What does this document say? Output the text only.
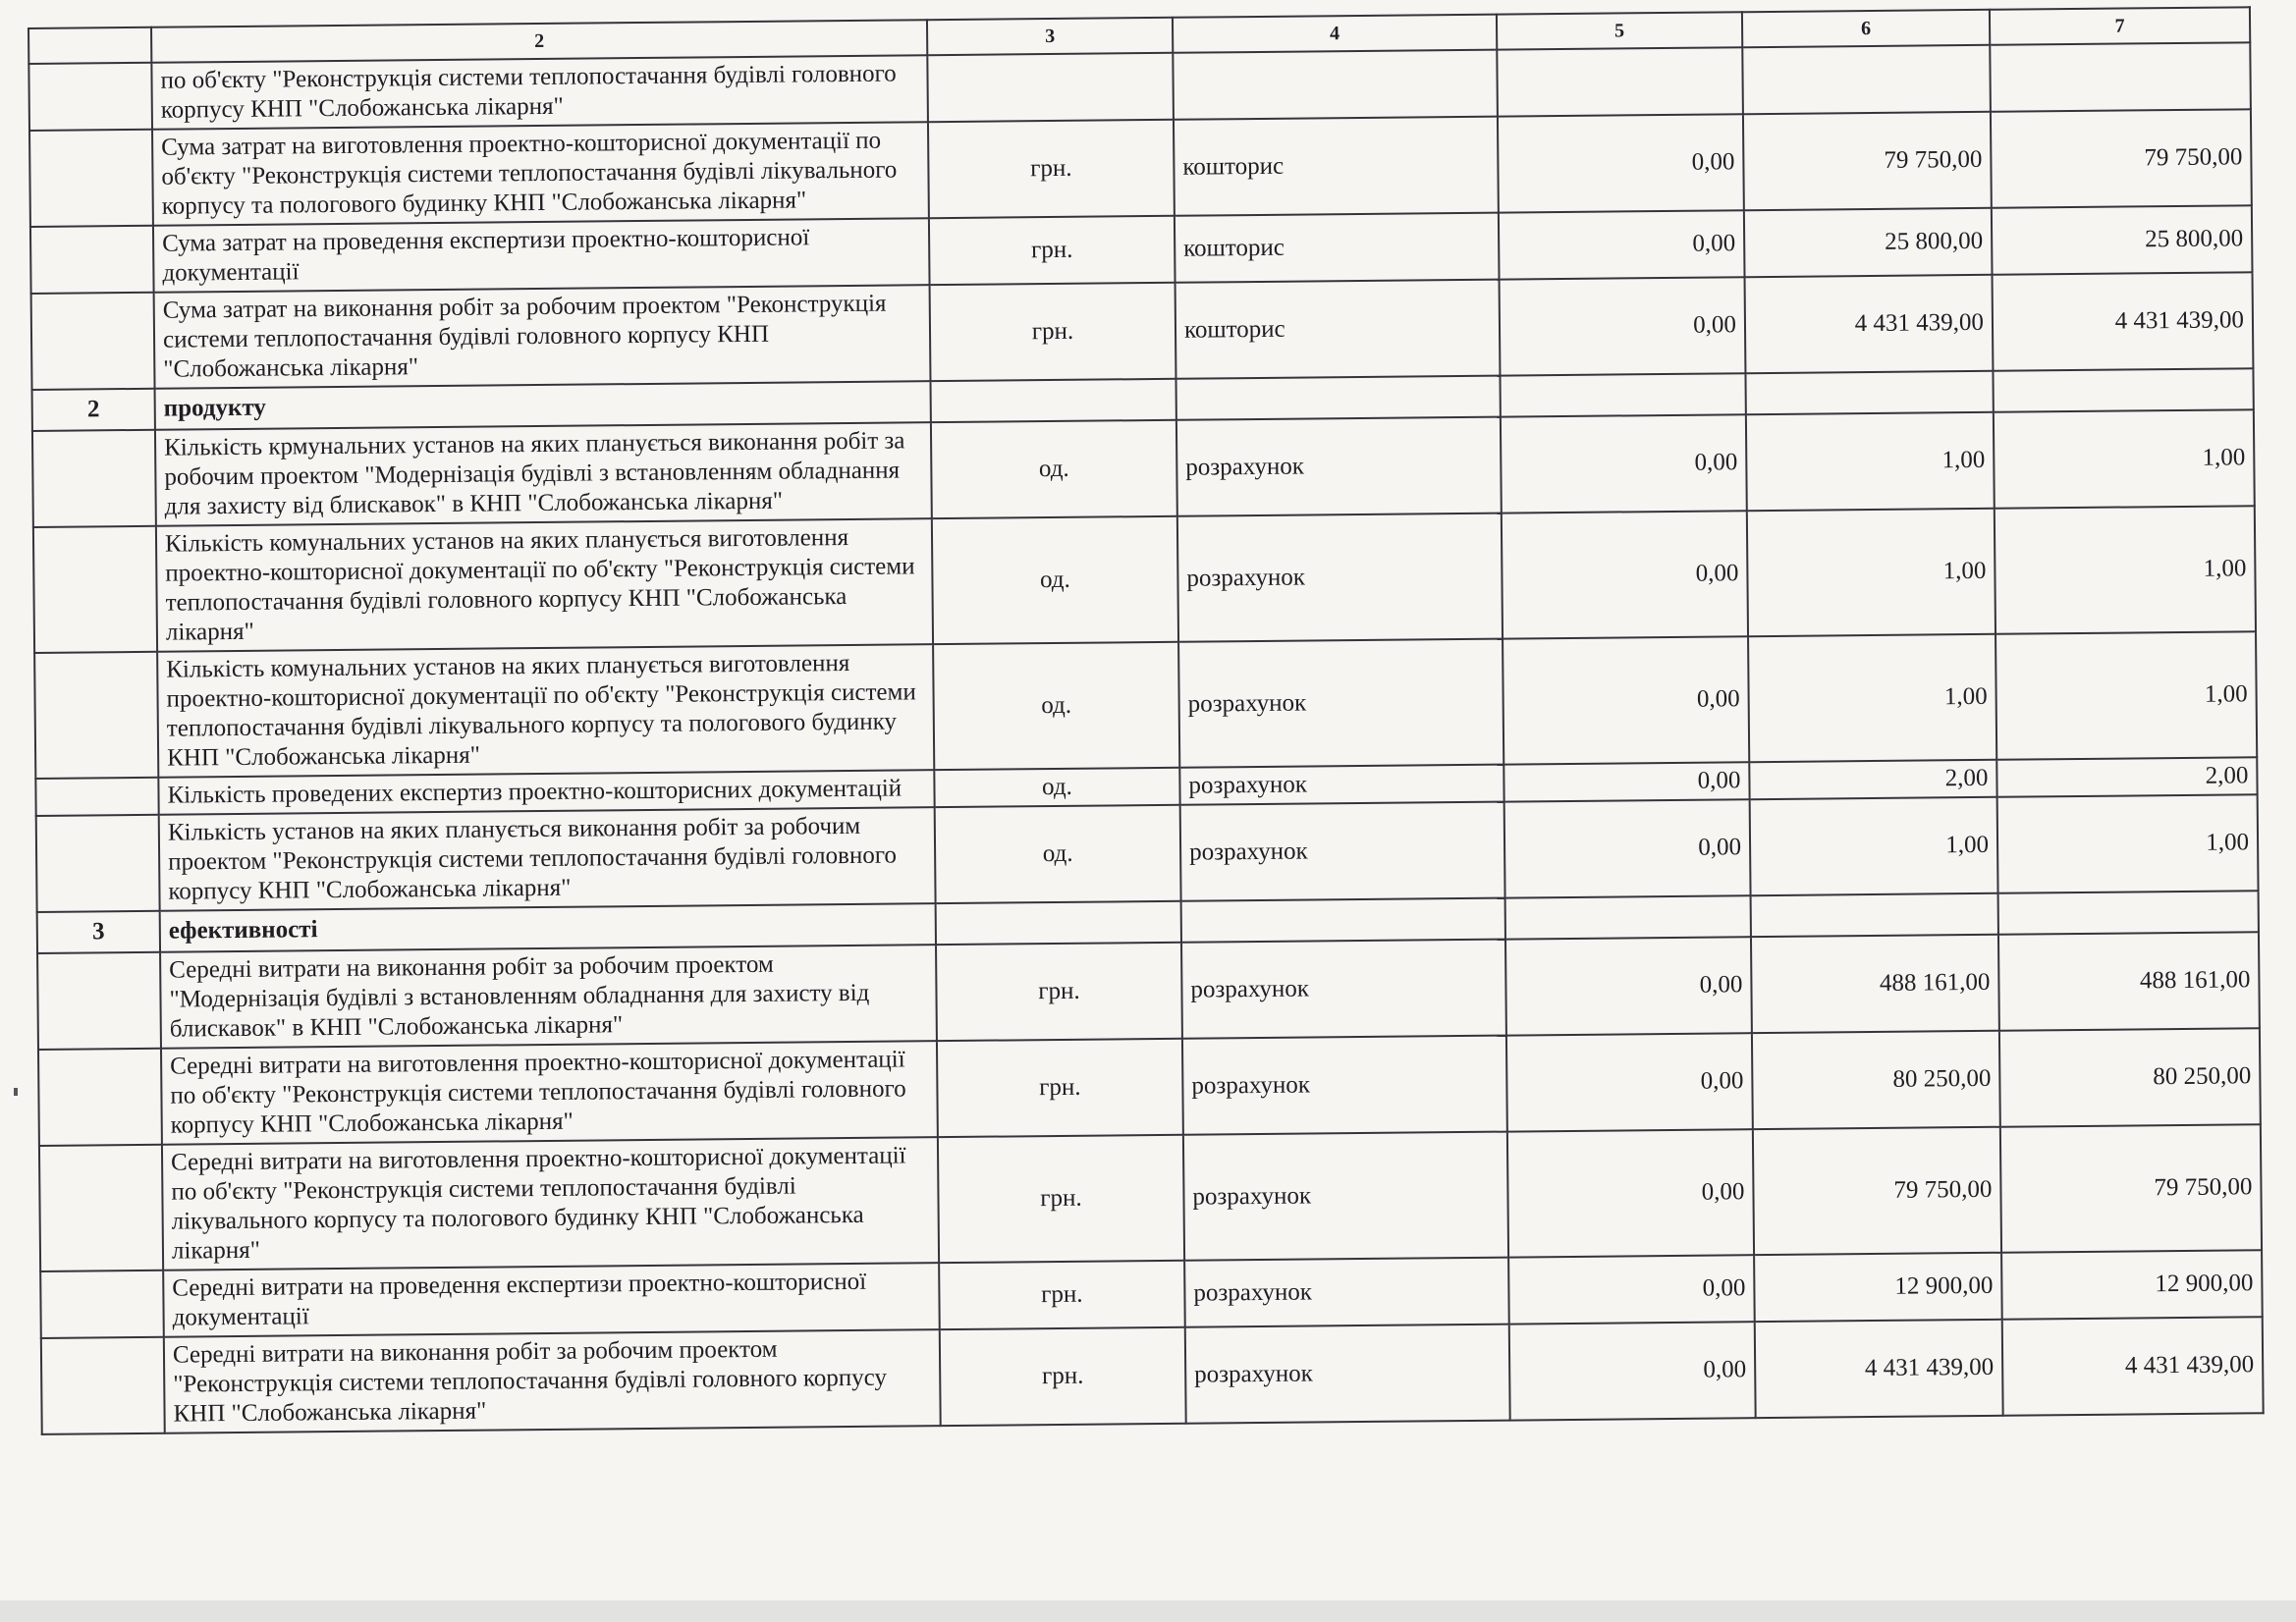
	2	3	4	5	6	7
	по об'єкту "Реконструкція системи теплопостачання будівлі головного корпусу КНП "Слобожанська лікарня"					
	Сума затрат на виготовлення проектно-кошторисної документації по об'єкту "Реконструкція системи теплопостачання будівлі лікувального корпусу та пологового будинку КНП "Слобожанська лікарня"	грн.	кошторис	0,00	79 750,00	79 750,00
	Сума затрат на проведення експертизи проектно-кошторисної документації	грн.	кошторис	0,00	25 800,00	25 800,00
	Сума затрат на виконання робіт за робочим проектом "Реконструкція системи теплопостачання будівлі головного корпусу КНП "Слобожанська лікарня"	грн.	кошторис	0,00	4 431 439,00	4 431 439,00
2	продукту					
	Кількість крмунальних установ на яких планується виконання робіт за робочим проектом "Модернізація будівлі з встановленням обладнання для захисту від блискавок" в КНП "Слобожанська лікарня"	од.	розрахунок	0,00	1,00	1,00
	Кількість комунальних установ на яких планується виготовлення проектно-кошторисної документації по об'єкту "Реконструкція системи теплопостачання будівлі головного корпусу КНП "Слобожанська лікарня"	од.	розрахунок	0,00	1,00	1,00
	Кількість комунальних установ на яких планується виготовлення проектно-кошторисної документації по об'єкту "Реконструкція системи теплопостачання будівлі лікувального корпусу та пологового будинку КНП "Слобожанська лікарня"	од.	розрахунок	0,00	1,00	1,00
	Кількість проведених експертиз проектно-кошторисних документацій	од.	розрахунок	0,00	2,00	2,00
	Кількість установ на яких планується виконання робіт за робочим проектом "Реконструкція системи теплопостачання будівлі головного корпусу КНП "Слобожанська лікарня"	од.	розрахунок	0,00	1,00	1,00
3	ефективності					
	Середні витрати на виконання робіт за робочим проектом "Модернізація будівлі з встановленням обладнання для захисту від блискавок" в КНП "Слобожанська лікарня"	грн.	розрахунок	0,00	488 161,00	488 161,00
	Середні витрати на виготовлення проектно-кошторисної документації по об'єкту "Реконструкція системи теплопостачання будівлі головного корпусу КНП "Слобожанська лікарня"	грн.	розрахунок	0,00	80 250,00	80 250,00
	Середні витрати на виготовлення проектно-кошторисної документації по об'єкту "Реконструкція системи теплопостачання будівлі лікувального корпусу та пологового будинку КНП "Слобожанська лікарня"	грн.	розрахунок	0,00	79 750,00	79 750,00
	Середні витрати на проведення експертизи проектно-кошторисної документації	грн.	розрахунок	0,00	12 900,00	12 900,00
	Середні витрати на виконання робіт за робочим проектом "Реконструкція системи теплопостачання будівлі головного корпусу КНП "Слобожанська лікарня"	грн.	розрахунок	0,00	4 431 439,00	4 431 439,00
